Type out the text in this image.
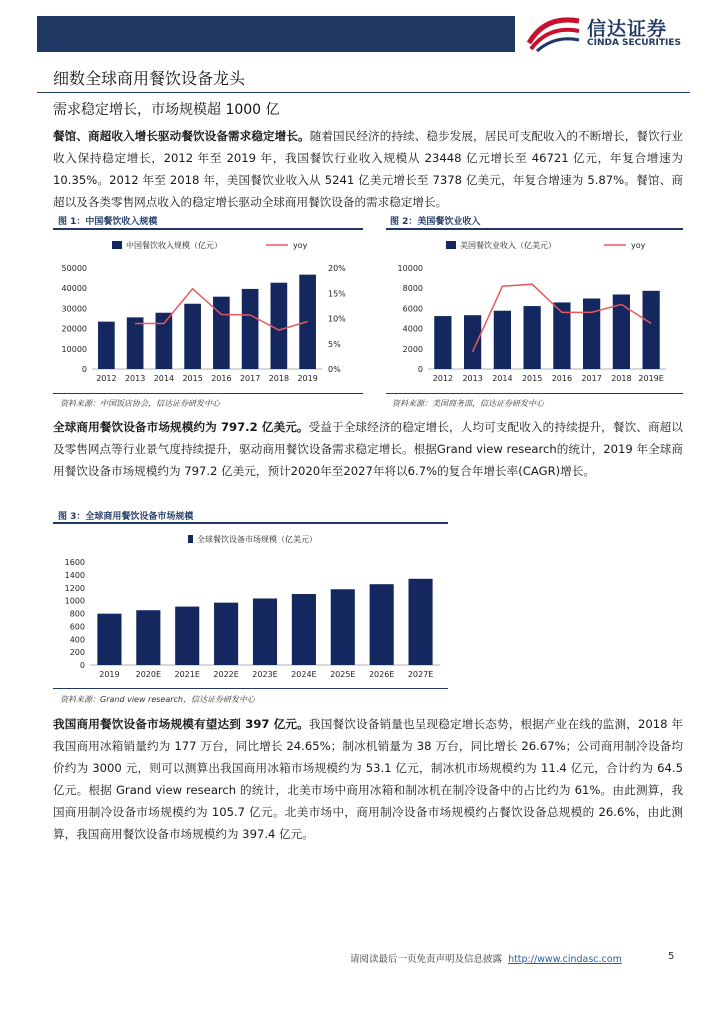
信达证券
CINDA SECURITIES
细数全球商用餐饮设备龙头
需求稳定增长，市场规模超 1000 亿
餐馆、商超收入增长驱动餐饮设备需求稳定增长。随着国民经济的持续、稳步发展，居民可支配收入的不断增长，餐饮行业收入保持稳定增长，2012 年至 2019 年，我国餐饮行业收入规模从 23448 亿元增长至 46721 亿元，年复合增速为 10.35%。2012 年至 2018 年，美国餐饮业收入从 5241 亿美元增长至 7378 亿美元，年复合增速为 5.87%。餐馆、商超以及各类零售网点收入的稳定增长驱动全球商用餐饮设备的需求稳定增长。
图 1：中国餐饮收入规模
中国餐饮收入规模（亿元）	yoy
0
10000
20000
30000
40000
50000
0%
5%
10%
15%
20%
2012 2013 2014 2015 2016 2017 2018 2019
资料来源：中国饭店协会，信达证券研发中心
图 2：美国餐饮业收入
美国餐饮业收入（亿美元）	yoy
0
2000
4000
6000
8000
10000
2012 2013 2014 2015 2016 2017 2018 2019E
资料来源：美国商务部，信达证券研发中心
全球商用餐饮设备市场规模约为 797.2 亿美元。受益于全球经济的稳定增长，人均可支配收入的持续提升，餐饮、商超以及零售网点等行业景气度持续提升，驱动商用餐饮设备需求稳定增长。根据Grand view research的统计，2019 年全球商用餐饮设备市场规模约为 797.2 亿美元，预计2020年至2027年将以6.7%的复合年增长率(CAGR)增长。
图 3：全球商用餐饮设备市场规模
全球餐饮设备市场规模（亿美元）
0
200
400
600
800
1000
1200
1400
1600
2019 2020E 2021E 2022E 2023E 2024E 2025E 2026E 2027E
资料来源：Grand view research，信达证券研发中心
我国商用餐饮设备市场规模有望达到 397 亿元。我国餐饮设备销量也呈现稳定增长态势，根据产业在线的监测，2018 年我国商用冰箱销量约为 177 万台，同比增长 24.65%；制冰机销量为 38 万台，同比增长 26.67%；公司商用制冷设备均价约为 3000 元，则可以测算出我国商用冰箱市场规模约为 53.1 亿元，制冰机市场规模约为 11.4 亿元，合计约为 64.5 亿元。根据 Grand view research 的统计，北美市场中商用冰箱和制冰机在制冷设备中的占比约为 61%。由此测算，我国商用制冷设备市场规模约为 105.7 亿元。北美市场中，商用制冷设备市场规模约占餐饮设备总规模的 26.6%，由此测算，我国商用餐饮设备市场规模约为 397.4 亿元。
请阅读最后一页免责声明及信息披露 http://www.cindasc.com	5
